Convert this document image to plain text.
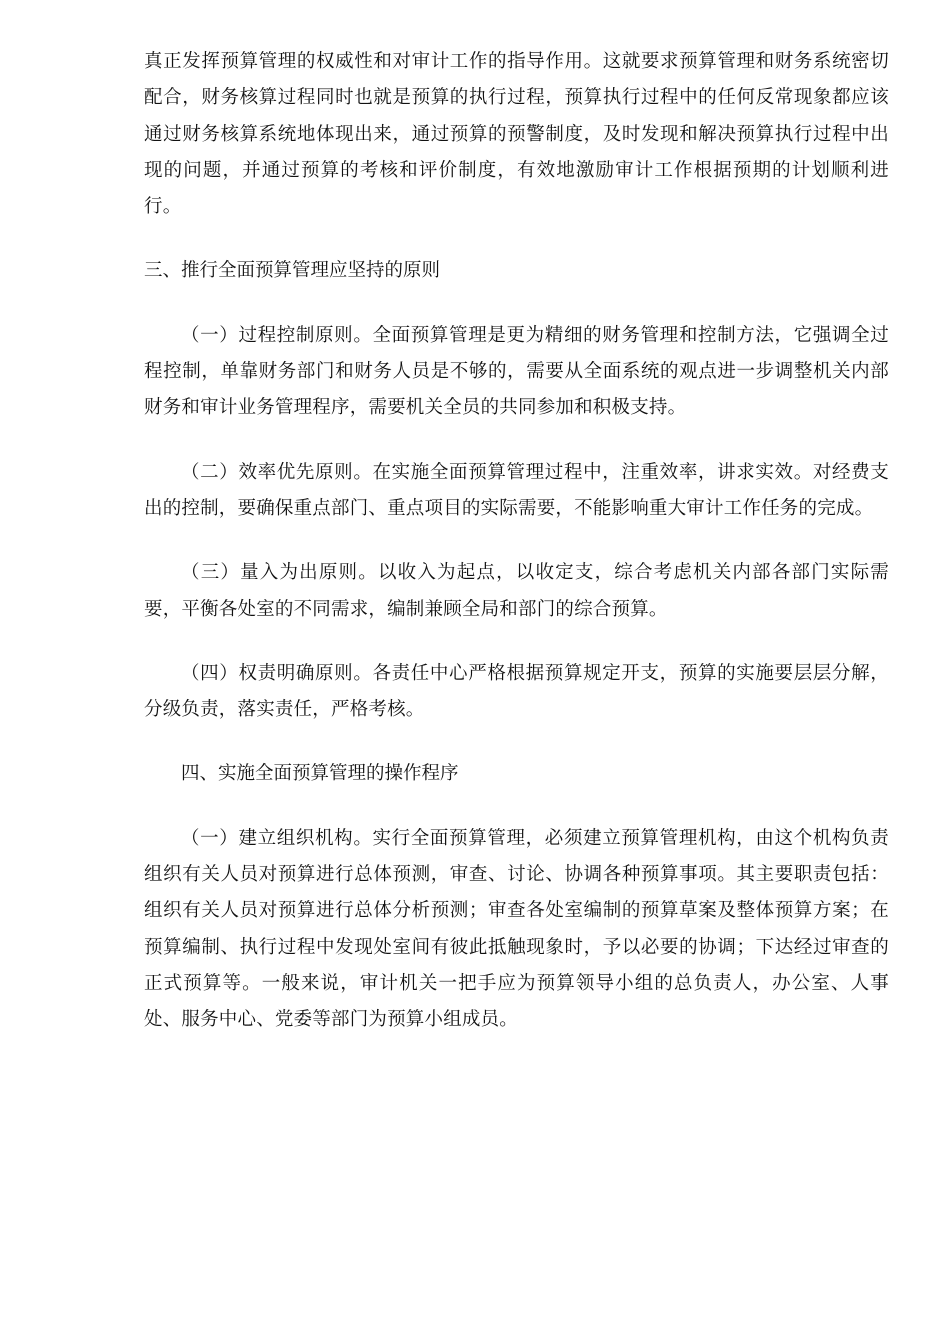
真正发挥预算管理的权威性和对审计工作的指导作用。这就要求预算管理和财务系统密切配合，财务核算过程同时也就是预算的执行过程，预算执行过程中的任何反常现象都应该通过财务核算系统地体现出来，通过预算的预警制度，及时发现和解决预算执行过程中出现的问题，并通过预算的考核和评价制度，有效地激励审计工作根据预期的计划顺利进行。

三、推行全面预算管理应坚持的原则

（一）过程控制原则。全面预算管理是更为精细的财务管理和控制方法，它强调全过程控制，单靠财务部门和财务人员是不够的，需要从全面系统的观点进一步调整机关内部财务和审计业务管理程序，需要机关全员的共同参加和积极支持。

（二）效率优先原则。在实施全面预算管理过程中，注重效率，讲求实效。对经费支出的控制，要确保重点部门、重点项目的实际需要，不能影响重大审计工作任务的完成。

（三）量入为出原则。以收入为起点，以收定支，综合考虑机关内部各部门实际需要，平衡各处室的不同需求，编制兼顾全局和部门的综合预算。

（四）权责明确原则。各责任中心严格根据预算规定开支，预算的实施要层层分解，分级负责，落实责任，严格考核。

四、实施全面预算管理的操作程序

（一）建立组织机构。实行全面预算管理，必须建立预算管理机构，由这个机构负责组织有关人员对预算进行总体预测，审查、讨论、协调各种预算事项。其主要职责包括：组织有关人员对预算进行总体分析预测；审查各处室编制的预算草案及整体预算方案；在预算编制、执行过程中发现处室间有彼此抵触现象时，予以必要的协调；下达经过审查的正式预算等。一般来说，审计机关一把手应为预算领导小组的总负责人，办公室、人事处、服务中心、党委等部门为预算小组成员。
